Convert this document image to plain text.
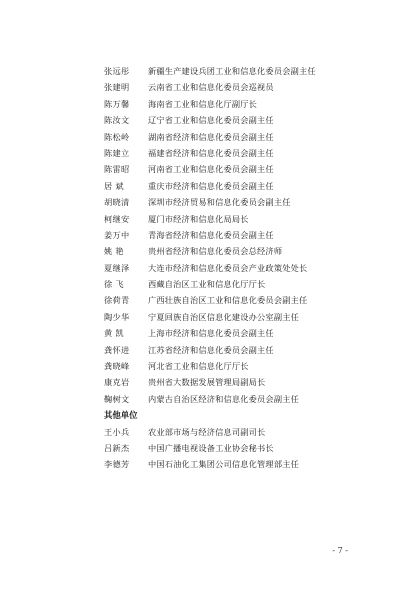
张远彤	新疆生产建设兵团工业和信息化委员会副主任
张建明	云南省工业和信息化委员会巡视员
陈万馨	海南省工业和信息化厅副厅长
陈汝文	辽宁省工业和信息化委员会副主任
陈松岭	湖南省经济和信息化委员会副主任
陈建立	福建省经济和信息化委员会副主任
陈雷昭	河南省工业和信息化委员会副主任
居 斌	重庆市经济和信息化委员会副主任
胡晓清	深圳市经济贸易和信息化委员会副主任
柯继安	厦门市经济和信息化局局长
姜万中	青海省经济和信息化委员会副主任
姚 艳	贵州省经济和信息化委员会总经济师
夏继泽	大连市经济和信息化委员会产业政策处处长
徐 飞	西藏自治区工业和信息化厅厅长
徐荷青	广西壮族自治区工业和信息化委员会副主任
陶少华	宁夏回族自治区信息化建设办公室副主任
黄 凯	上海市经济和信息化委员会副主任
龚怀进	江苏省经济和信息化委员会副主任
龚晓峰	河北省工业和信息化厅厅长
康克岩	贵州省大数据发展管理局副局长
鞠树文	内蒙古自治区经济和信息化委员会副主任
其他单位
王小兵	农业部市场与经济信息司副司长
吕新杰	中国广播电视设备工业协会秘书长
李德芳	中国石油化工集团公司信息化管理部主任
- 7 -
